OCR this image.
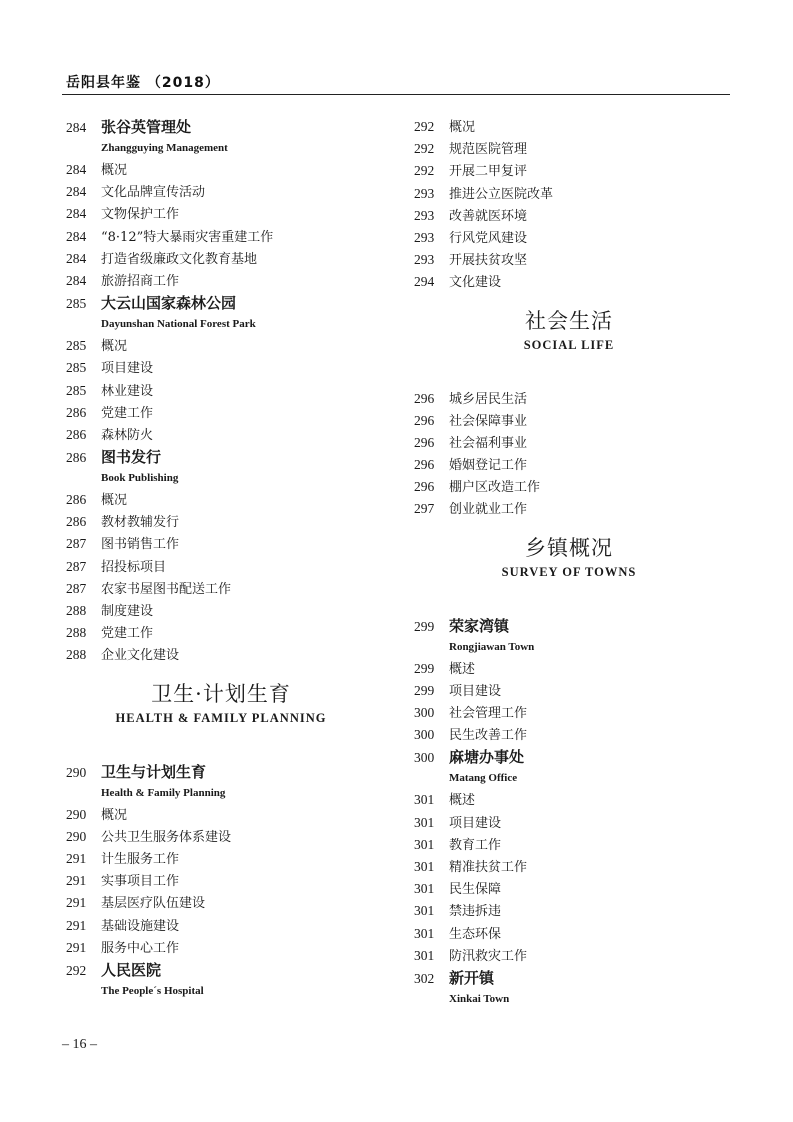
岳阳县年鉴 （2018）
284 张谷英管理处
Zhangguying Management
284	概况
284	文化品牌宣传活动
284	文物保护工作
284	“8·12”特大暴雨灾害重建工作
284	打造省级廉政文化教育基地
284	旅游招商工作
285 大云山国家森林公园
Dayunshan National Forest Park
285	概况
285	项目建设
285	林业建设
286	党建工作
286	森林防火
286 图书发行
Book Publishing
286	概况
286	教材教辅发行
287	图书销售工作
287	招投标项目
287	农家书屋图书配送工作
288	制度建设
288	党建工作
288	企业文化建设
卫生·计划生育
HEALTH & FAMILY PLANNING
290 卫生与计划生育
Health & Family Planning
290	概况
290	公共卫生服务体系建设
291	计生服务工作
291	实事项目工作
291	基层医疗队伍建设
291	基础设施建设
291	服务中心工作
292 人民医院
The People´s Hospital
292	概况
292	规范医院管理
292	开展二甲复评
293	推进公立医院改革
293	改善就医环境
293	行风党风建设
293	开展扶贫攻坚
294	文化建设
社会生活
SOCIAL LIFE
296	城乡居民生活
296	社会保障事业
296	社会福利事业
296	婚姻登记工作
296	棚户区改造工作
297	创业就业工作
乡镇概况
SURVEY OF TOWNS
299 荣家湾镇
Rongjiawan Town
299	概述
299	项目建设
300	社会管理工作
300	民生改善工作
300 麻塘办事处
Matang Office
301	概述
301	项目建设
301	教育工作
301	精准扶贫工作
301	民生保障
301	禁违拆违
301	生态环保
301	防汛救灾工作
302 新开镇
Xinkai Town
– 16 –
